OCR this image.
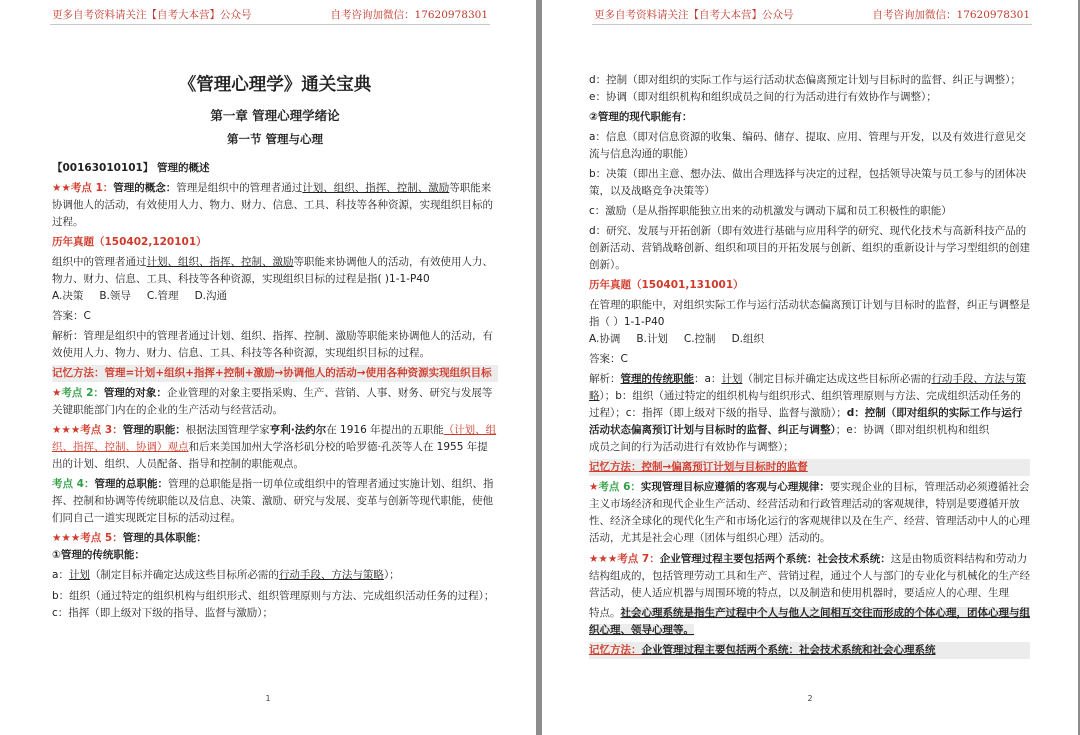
更多自考资料请关注【自考大本营】公众号	自考咨询加微信：17620978301
《管理心理学》通关宝典
第一章 管理心理学绪论
第一节 管理与心理

【00163010101】 管理的概述

★★考点 1：管理的概念：管理是组织中的管理者通过计划、组织、指挥、控制、激励等职能来协调他人的活动，有效使用人力、物力、财力、信息、工具、科技等各种资源，实现组织目标的过程。

历年真题（150402,120101）

组织中的管理者通过计划、组织、指挥、控制、激励等职能来协调他人的活动，有效使用人力、物力、财力、信息、工具、科技等各种资源，实现组织目标的过程是指( )1-1-P40

A.决策 B.领导 C.管理 D.沟通

答案：C

解析：管理是组织中的管理者通过计划、组织、指挥、控制、激励等职能来协调他人的活动，有效使用人力、物力、财力、信息、工具、科技等各种资源，实现组织目标的过程。

记忆方法：管理=计划+组织+指挥+控制+激励→协调他人的活动→使用各种资源实现组织目标

★考点 2：管理的对象：企业管理的对象主要指采购、生产、营销、人事、财务、研究与发展等关键职能部门内在的企业的生产活动与经营活动。

★★★考点 3：管理的职能：根据法国管理学家亨利·法约尔在 1916 年提出的五职能（计划、组织、指挥、控制、协调）观点和后来美国加州大学洛杉矶分校的哈罗德·孔茨等人在 1955 年提出的计划、组织、人员配备、指导和控制的职能观点。

考点 4：管理的总职能：管理的总职能是指一切单位或组织中的管理者通过实施计划、组织、指挥、控制和协调等传统职能以及信息、决策、激励、研究与发展、变革与创新等现代职能，使他们同自己一道实现既定目标的活动过程。

★★★考点 5：管理的具体职能：

①管理的传统职能：

a：计划（制定目标并确定达成这些目标所必需的行动手段、方法与策略）；

b：组织（通过特定的组织机构与组织形式、组织管理原则与方法、完成组织活动任务的过程）；c：指挥（即上级对下级的指导、监督与激励）；

1
更多自考资料请关注【自考大本营】公众号	自考咨询加微信：17620978301

d：控制（即对组织的实际工作与运行活动状态偏离预定计划与目标时的监督、纠正与调整）；e：协调（即对组织机构和组织成员之间的行为活动进行有效协作与调整）；

②管理的现代职能有：

a：信息（即对信息资源的收集、编码、储存、提取、应用、管理与开发，以及有效进行意见交流与信息沟通的职能）

b：决策（即出主意、想办法、做出合理选择与决定的过程，包括领导决策与员工参与的团体决策，以及战略竞争决策等）

c：激励（是从指挥职能独立出来的动机激发与调动下属和员工积极性的职能）

d：研究、发展与开拓创新（即有效进行基础与应用科学的研究、现代化技术与高新科技产品的创新活动、营销战略创新、组织和项目的开拓发展与创新、组织的重新设计与学习型组织的创建创新）。

历年真题（150401,131001）

在管理的职能中，对组织实际工作与运行活动状态偏离预订计划与目标时的监督，纠正与调整是指（ ）1-1-P40

A.协调 B.计划 C.控制 D.组织

答案：C

解析：管理的传统职能：a：计划（制定目标并确定达成这些目标所必需的行动手段、方法与策略）；b：组织（通过特定的组织机构与组织形式、组织管理原则与方法、完成组织活动任务的过程）；c：指挥（即上级对下级的指导、监督与激励）；d：控制（即对组织的实际工作与运行活动状态偏离预订计划与目标时的监督、纠正与调整）；e：协调（即对组织机构和组织

成员之间的行为活动进行有效协作与调整）；

记忆方法：控制→偏离预订计划与目标时的监督

★考点 6：实现管理目标应遵循的客观与心理规律：要实现企业的目标，管理活动必须遵循社会主义市场经济和现代企业生产活动、经营活动和行政管理活动的客观规律，特别是要遵循开放性、经济全球化的现代化生产和市场化运行的客观规律以及在生产、经营、管理活动中人的心理活动，尤其是社会心理（团体与组织心理）活动的。

★★★考点 7：企业管理过程主要包括两个系统：社会技术系统：这是由物质资料结构和劳动力结构组成的，包括管理劳动工具和生产、营销过程，通过个人与部门的专业化与机械化的生产经营活动，使人适应机器与周围环境的特点，以及制造和使用机器时，要适应人的心理、生理

特点。社会心理系统是指生产过程中个人与他人之间相互交往而形成的个体心理，团体心理与组织心理、领导心理等。

记忆方法：企业管理过程主要包括两个系统：社会技术系统和社会心理系统

2
